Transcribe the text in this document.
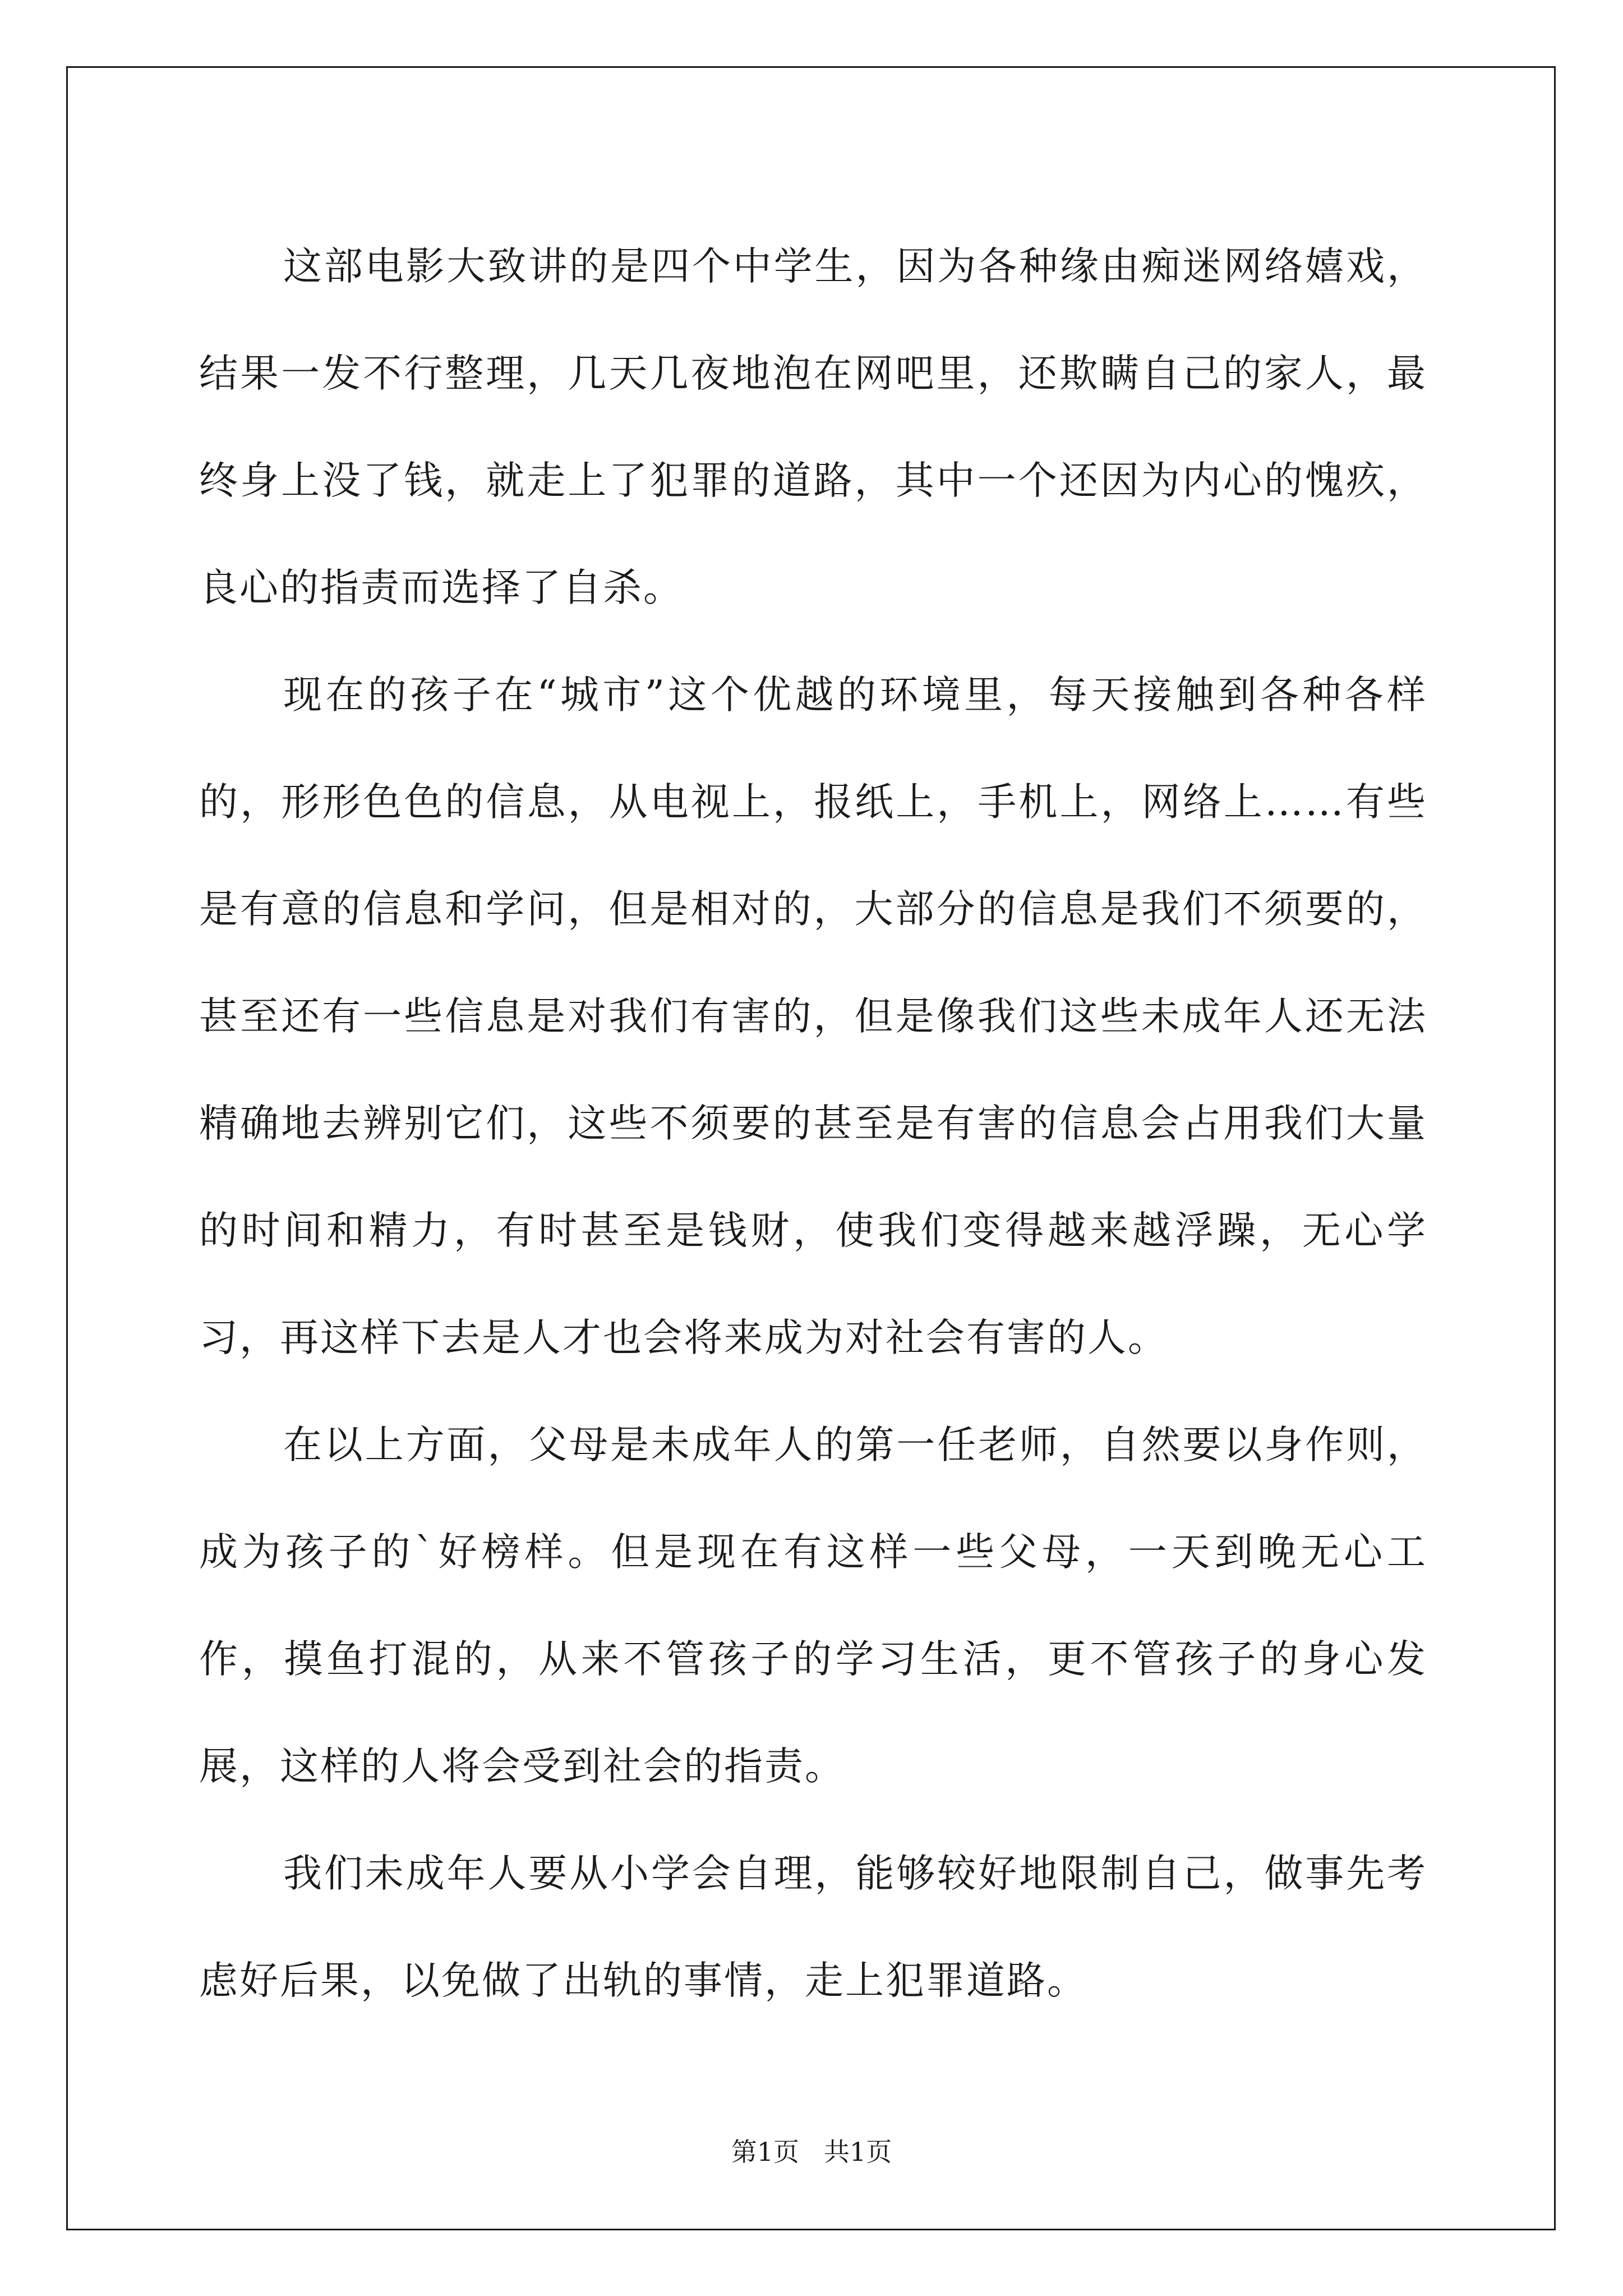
这部电影大致讲的是四个中学生，因为各种缘由痴迷网络嬉戏，结果一发不行整理，几天几夜地泡在网吧里，还欺瞒自己的家人，最终身上没了钱，就走上了犯罪的道路，其中一个还因为内心的愧疚，良心的指责而选择了自杀。

现在的孩子在“城市”这个优越的环境里，每天接触到各种各样的，形形色色的信息，从电视上，报纸上，手机上，网络上……有些是有意的信息和学问，但是相对的，大部分的信息是我们不须要的，甚至还有一些信息是对我们有害的，但是像我们这些未成年人还无法精确地去辨别它们，这些不须要的甚至是有害的信息会占用我们大量的时间和精力，有时甚至是钱财，使我们变得越来越浮躁，无心学习，再这样下去是人才也会将来成为对社会有害的人。

在以上方面，父母是未成年人的第一任老师，自然要以身作则，成为孩子的`好榜样。但是现在有这样一些父母，一天到晚无心工作，摸鱼打混的，从来不管孩子的学习生活，更不管孩子的身心发展，这样的人将会受到社会的指责。

我们未成年人要从小学会自理，能够较好地限制自己，做事先考虑好后果，以免做了出轨的事情，走上犯罪道路。

第1页 共1页
